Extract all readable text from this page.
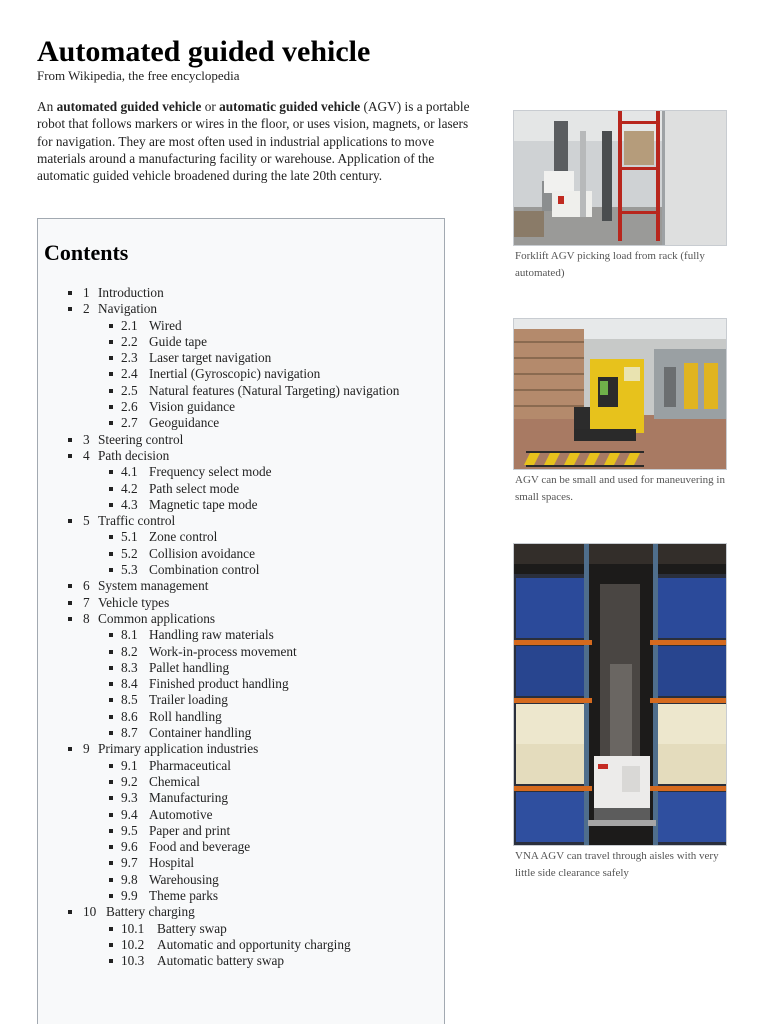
Automated guided vehicle
From Wikipedia, the free encyclopedia

An automated guided vehicle or automatic guided vehicle (AGV) is a portable robot that follows markers or wires in the floor, or uses vision, magnets, or lasers for navigation. They are most often used in industrial applications to move materials around a manufacturing facility or warehouse. Application of the automatic guided vehicle broadened during the late 20th century.

Contents
1 Introduction
2 Navigation
2.1 Wired
2.2 Guide tape
2.3 Laser target navigation
2.4 Inertial (Gyroscopic) navigation
2.5 Natural features (Natural Targeting) navigation
2.6 Vision guidance
2.7 Geoguidance
3 Steering control
4 Path decision
4.1 Frequency select mode
4.2 Path select mode
4.3 Magnetic tape mode
5 Traffic control
5.1 Zone control
5.2 Collision avoidance
5.3 Combination control
6 System management
7 Vehicle types
8 Common applications
8.1 Handling raw materials
8.2 Work-in-process movement
8.3 Pallet handling
8.4 Finished product handling
8.5 Trailer loading
8.6 Roll handling
8.7 Container handling
9 Primary application industries
9.1 Pharmaceutical
9.2 Chemical
9.3 Manufacturing
9.4 Automotive
9.5 Paper and print
9.6 Food and beverage
9.7 Hospital
9.8 Warehousing
9.9 Theme parks
10 Battery charging
10.1 Battery swap
10.2 Automatic and opportunity charging
10.3 Automatic battery swap
Forklift AGV picking load from rack (fully automated)
AGV can be small and used for maneuvering in small spaces.
VNA AGV can travel through aisles with very little side clearance safely
